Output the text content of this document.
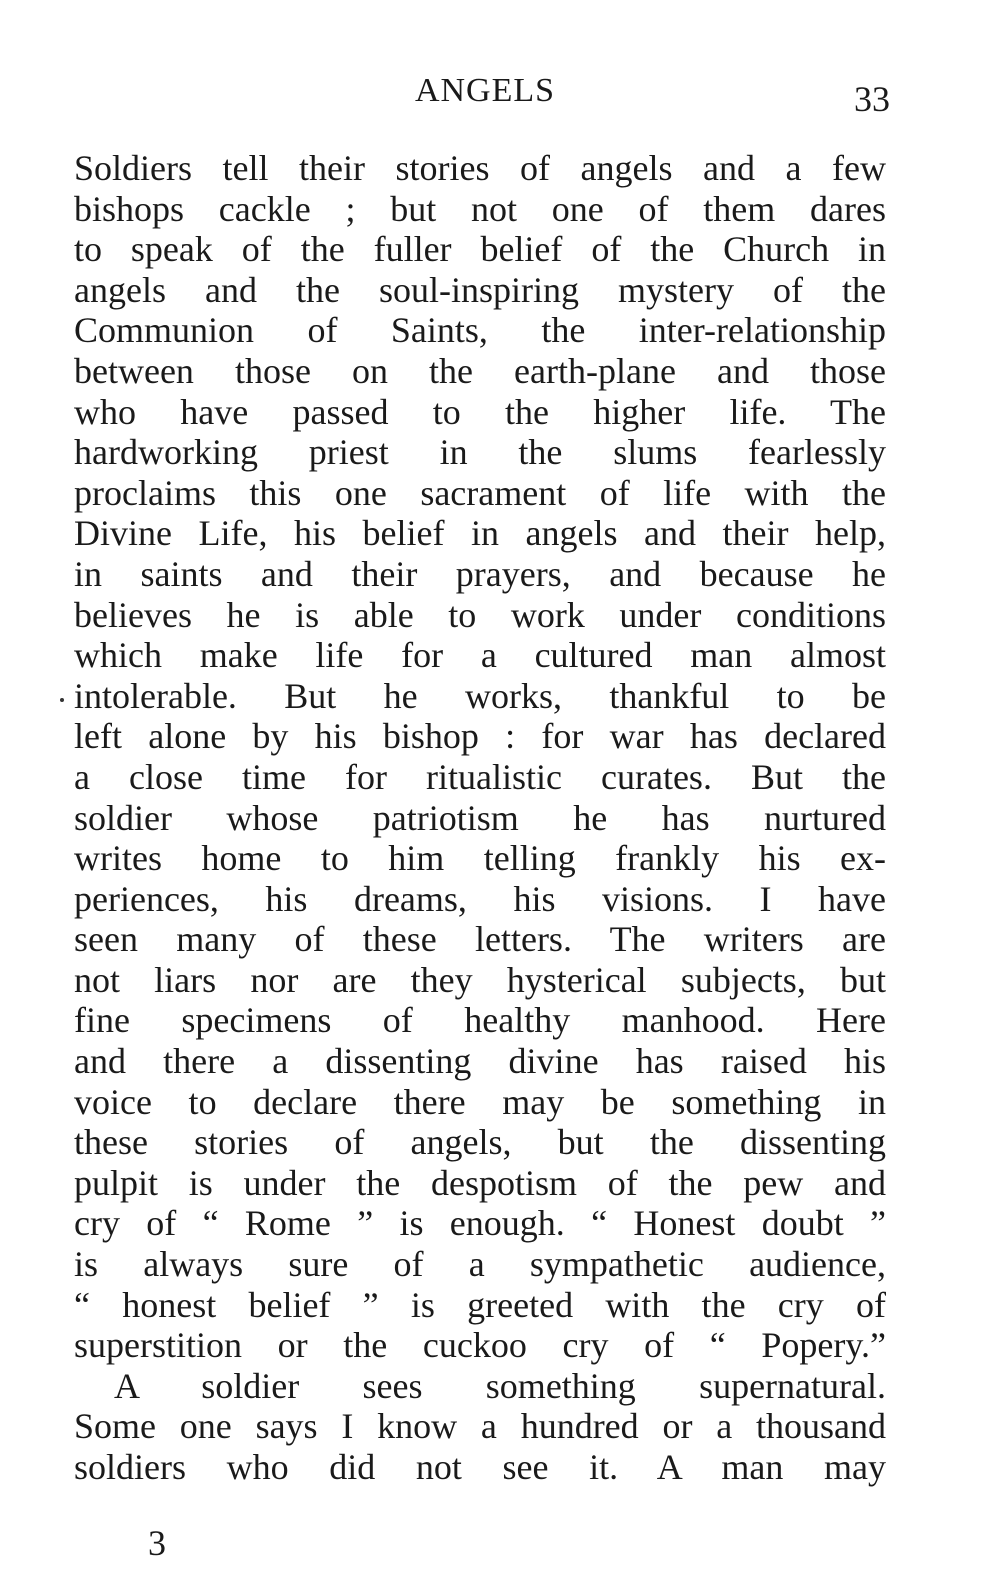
ANGELS	33
Soldiers tell their stories of angels and a few
bishops cackle ; but not one of them dares
to speak of the fuller belief of the Church in
angels and the soul-inspiring mystery of the
Communion of Saints, the inter-relationship
between those on the earth-plane and those
who have passed to the higher life. The
hardworking priest in the slums fearlessly
proclaims this one sacrament of life with the
Divine Life, his belief in angels and their help,
in saints and their prayers, and because he
believes he is able to work under conditions
which make life for a cultured man almost
intolerable. But he works, thankful to be
left alone by his bishop : for war has declared
a close time for ritualistic curates. But the
soldier whose patriotism he has nurtured
writes home to him telling frankly his ex-
periences, his dreams, his visions. I have
seen many of these letters. The writers are
not liars nor are they hysterical subjects, but
fine specimens of healthy manhood. Here
and there a dissenting divine has raised his
voice to declare there may be something in
these stories of angels, but the dissenting
pulpit is under the despotism of the pew and
cry of “ Rome ” is enough. “ Honest doubt ”
is always sure of a sympathetic audience,
“ honest belief ” is greeted with the cry of
superstition or the cuckoo cry of “ Popery.”
A soldier sees something supernatural.
Some one says I know a hundred or a thousand
soldiers who did not see it. A man may
3
